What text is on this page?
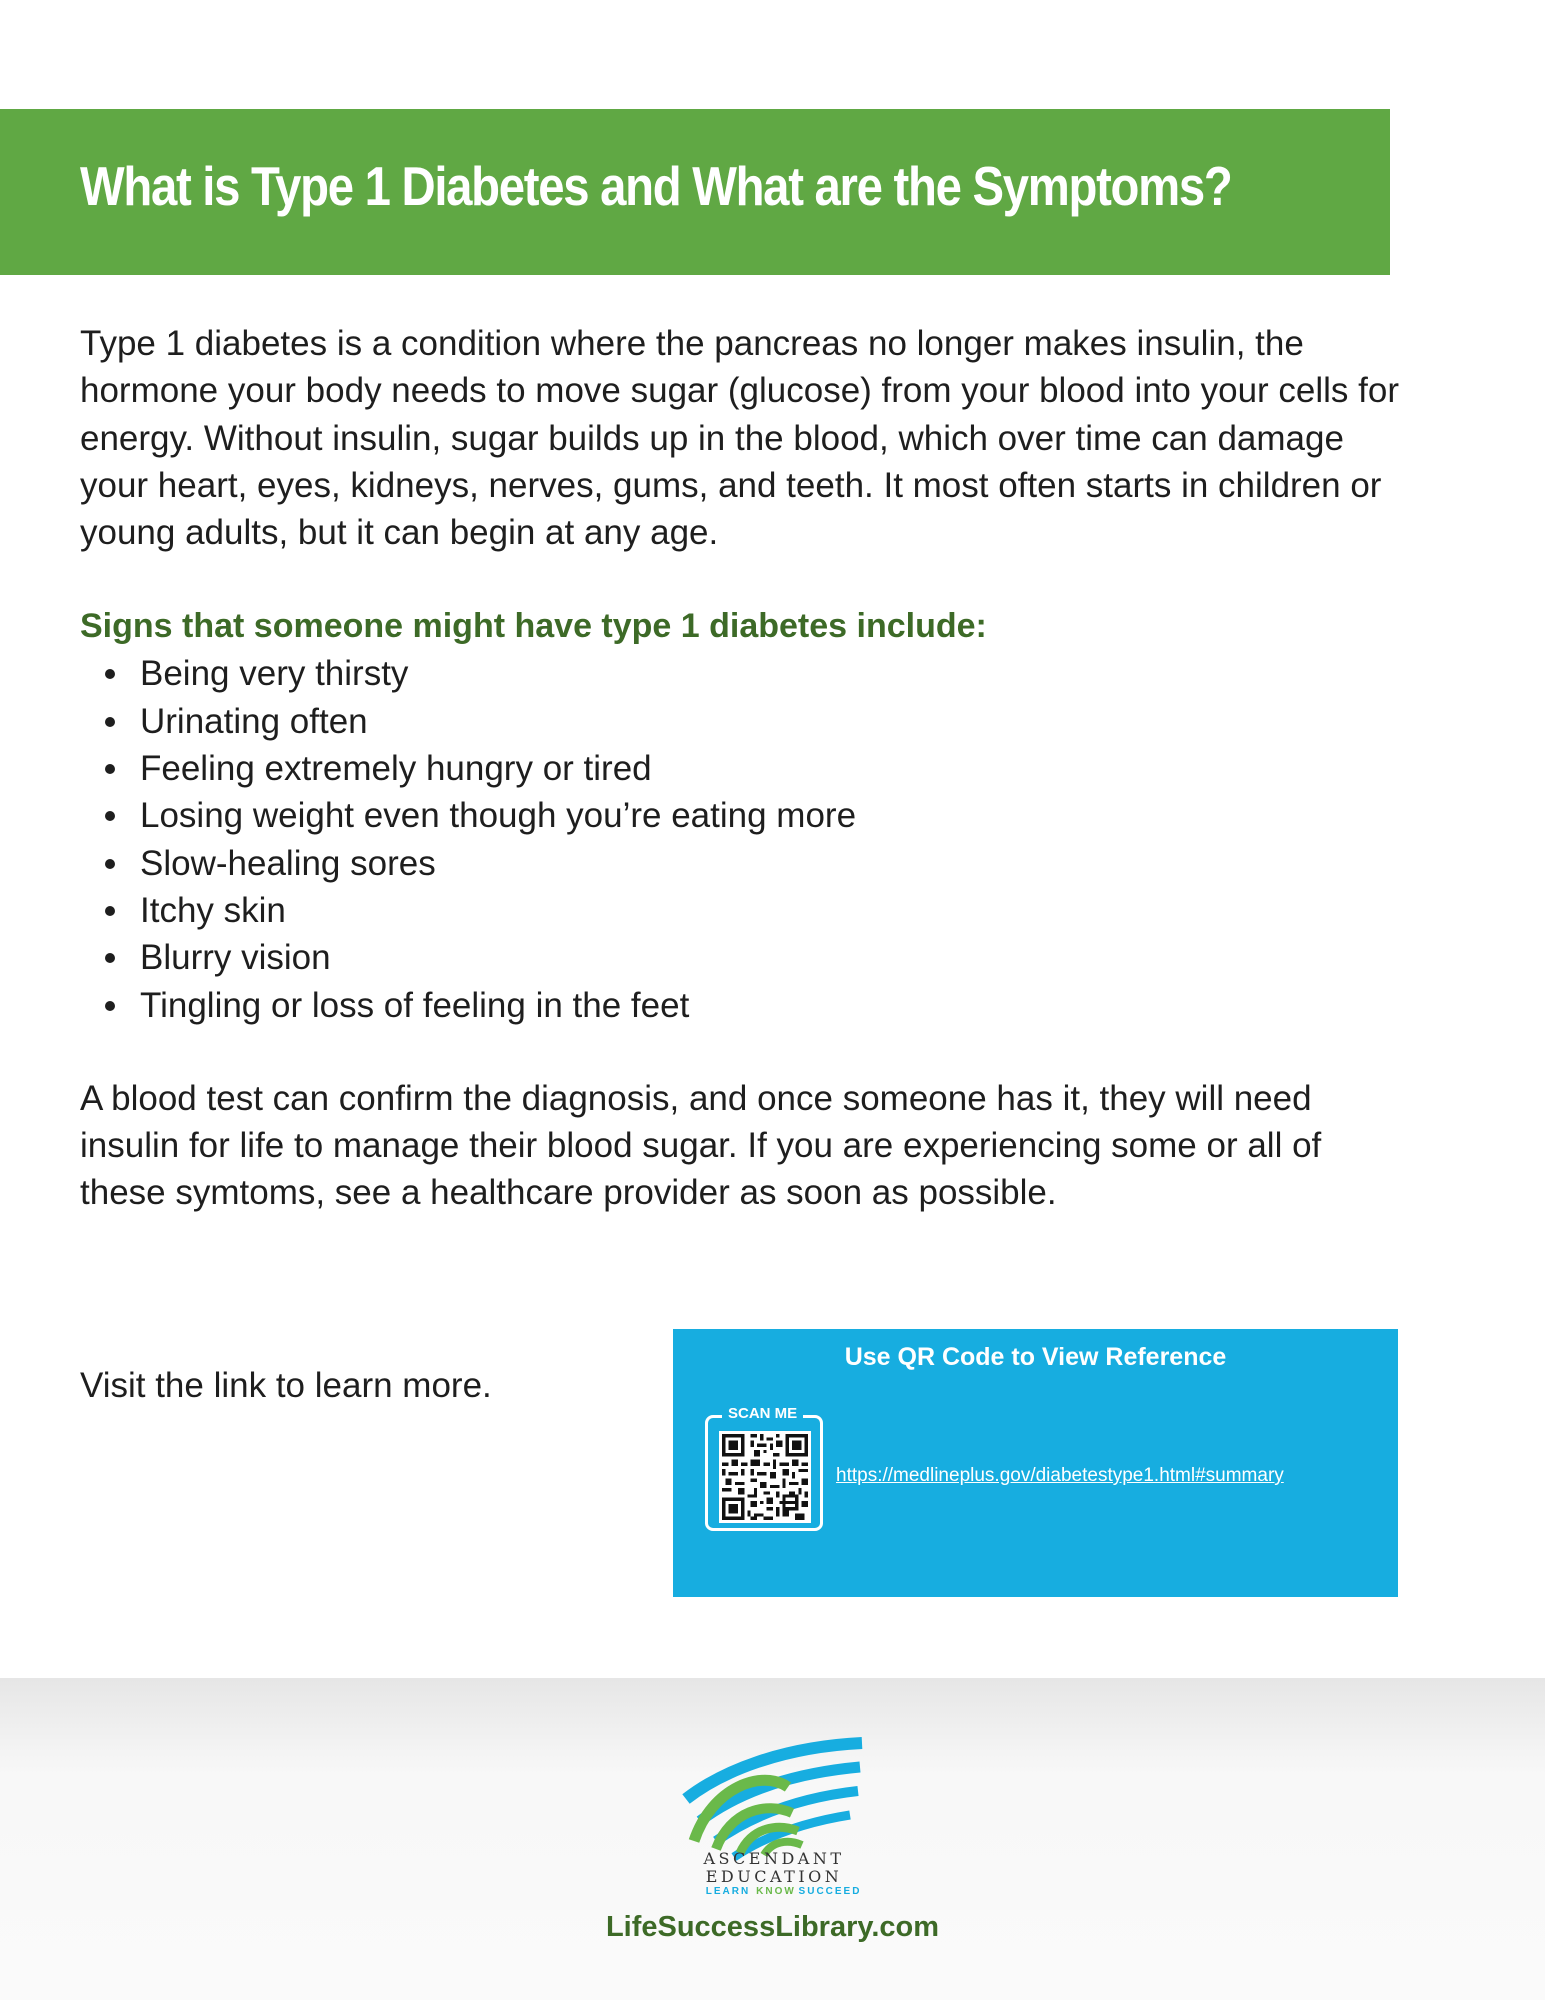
What is Type 1 Diabetes and What are the Symptoms?

Type 1 diabetes is a condition where the pancreas no longer makes insulin, the hormone your body needs to move sugar (glucose) from your blood into your cells for energy. Without insulin, sugar builds up in the blood, which over time can damage your heart, eyes, kidneys, nerves, gums, and teeth. It most often starts in children or young adults, but it can begin at any age.

Signs that someone might have type 1 diabetes include:
Being very thirsty
Urinating often
Feeling extremely hungry or tired
Losing weight even though you’re eating more
Slow-healing sores
Itchy skin
Blurry vision
Tingling or loss of feeling in the feet

A blood test can confirm the diagnosis, and once someone has it, they will need insulin for life to manage their blood sugar. If you are experiencing some or all of these symtoms, see a healthcare provider as soon as possible.

Visit the link to learn more.

Use QR Code to View Reference
SCAN ME
https://medlineplus.gov/diabetestype1.html#summary
ASCENDANT
EDUCATION
LEARN KNOW SUCCEED
LifeSuccessLibrary.com
